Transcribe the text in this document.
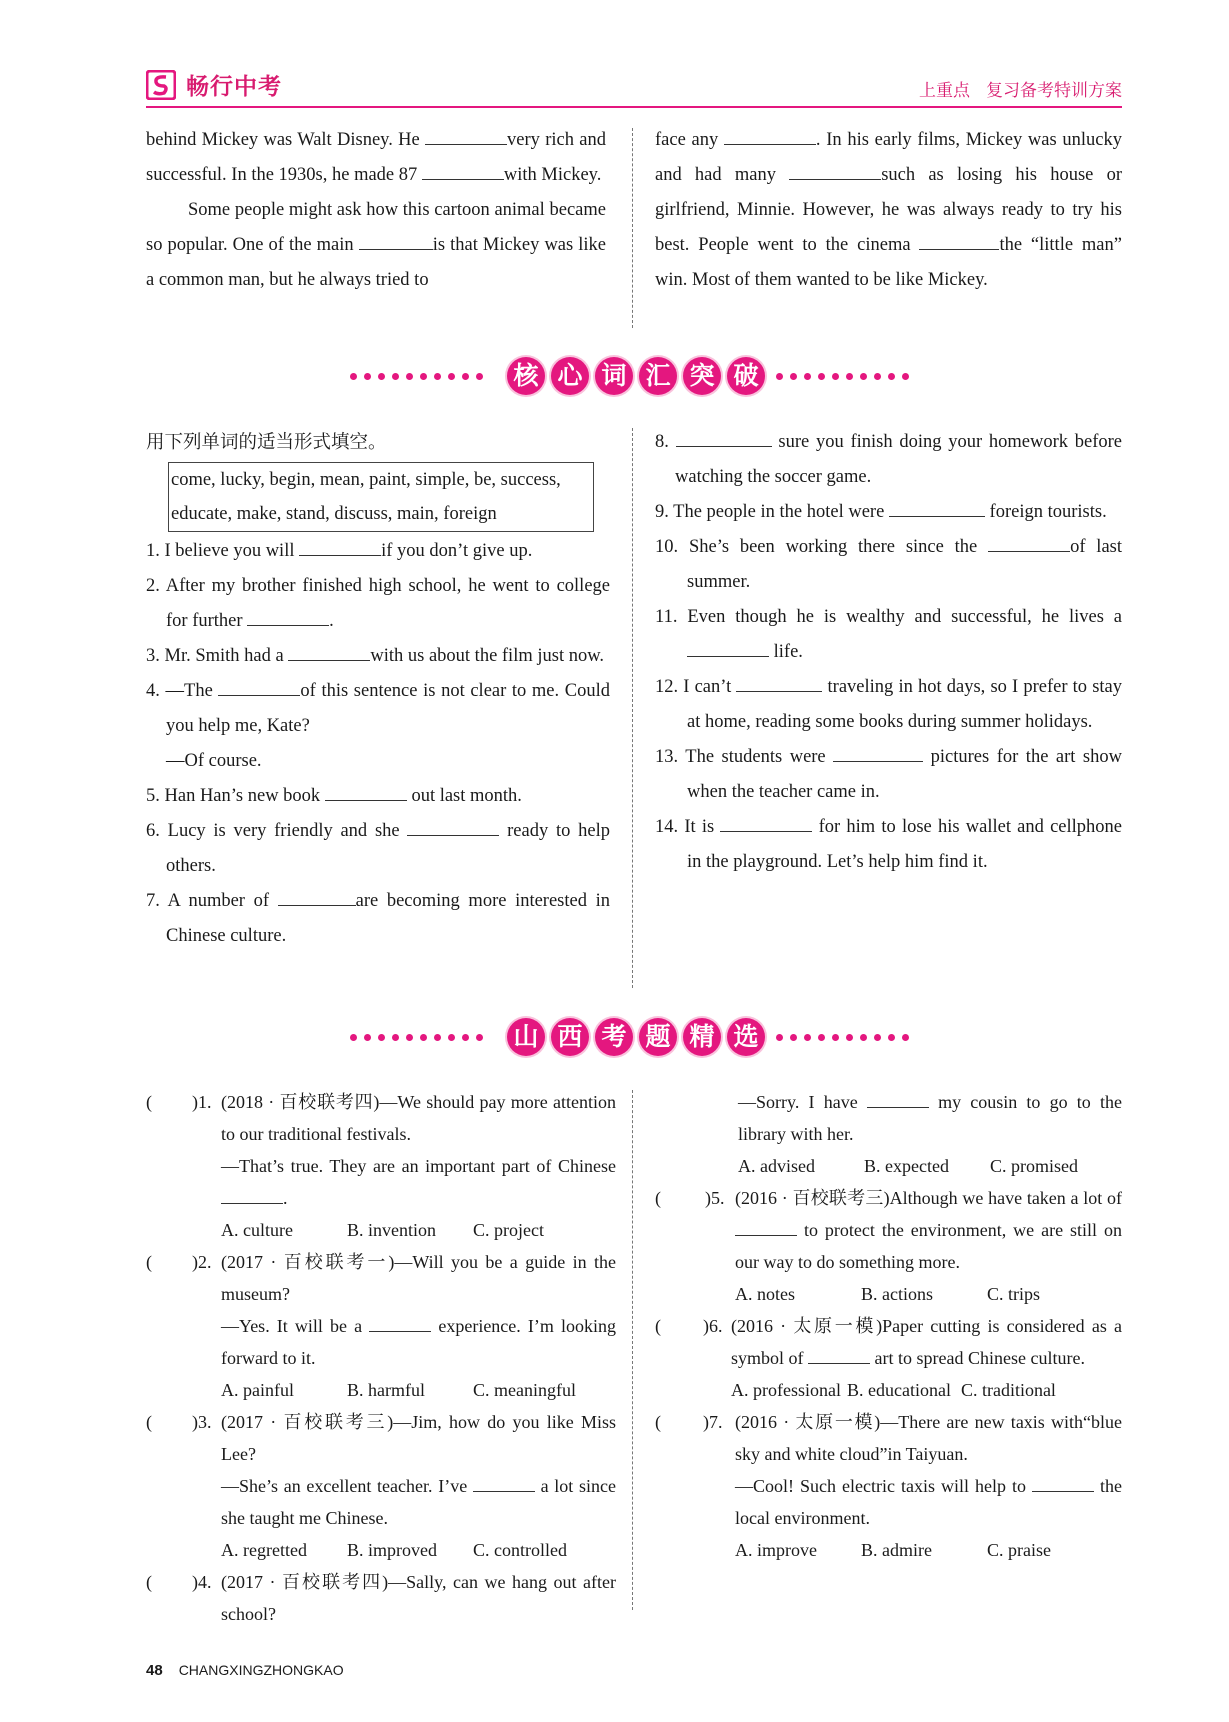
畅行中考	上重点 复习备考特训方案

behind Mickey was Walt Disney. He	very rich and successful. In the 1930s, he made 87	with Mickey.

Some people might ask how this cartoon animal became so popular. One of the main	is that Mickey was like a common man, but he always tried to

face any	. In his early films, Mickey was unlucky and had many	such as losing his house or girlfriend, Minnie. However, he was always ready to try his best. People went to the cinema	the “little man” win. Most of them wanted to be like Mickey.

核 心 词 汇 突 破

用下列单词的适当形式填空。

come, lucky, begin, mean, paint, simple, be, success,
educate, make, stand, discuss, main, foreign

1. I believe you will	if you don’t give up.

2. After my brother finished high school, he went to college for further	.

3. Mr. Smith had a	with us about the film just now.

4. —The	of this sentence is not clear to me. Could you help me, Kate?

—Of course.

5. Han Han’s new book	out last month.

6. Lucy is very friendly and she	ready to help others.

7. A number of	are becoming more interested in Chinese culture.

8.	sure you finish doing your homework before watching the soccer game.

9. The people in the hotel were	foreign tourists.

10. She’s been working there since the	of last summer.

11. Even though he is wealthy and successful, he lives a  life.

12. I can’t	traveling in hot days, so I prefer to stay at home, reading some books during summer holidays.

13. The students were	pictures for the art show when the teacher came in.

14. It is	for him to lose his wallet and cellphone in the playground. Let’s help him find it.

山 西 考 题 精 选
( )1. (2018 · 百校联考四)—We should pay more attention to our traditional festivals.

—That’s true. They are an important part of Chinese .

A. culture	B. invention C. project

( )2. (2017 · 百校联考一)—Will you be a guide in the museum?

—Yes. It will be a	experience. I’m looking forward to it.

A. painful	B. harmful	C. meaningful

( )3. (2017 · 百校联考三)—Jim, how do you like Miss Lee?

—She’s an excellent teacher. I’ve	a lot since she taught me Chinese.

A. regretted B. improved C. controlled

( )4. (2017 · 百校联考四)—Sally, can we hang out after school?

—Sorry. I have	my cousin to go to the library with her.

A. advised	B. expected C. promised

( )5. (2016 · 百校联考三)Although we have taken a lot of  to protect the environment, we are still on our way to do something more.

A. notes	B. actions	C. trips

( )6. (2016 · 太原一模)Paper cutting is considered as a symbol of	art to spread Chinese culture.

A. professional B. educational C. traditional

( )7. (2016 · 太原一模)—There are new taxis with“blue sky and white cloud”in Taiyuan.

—Cool! Such electric taxis will help to	the local environment.

A. improve B. admire	C. praise

48 CHANGXINGZHONGKAO
